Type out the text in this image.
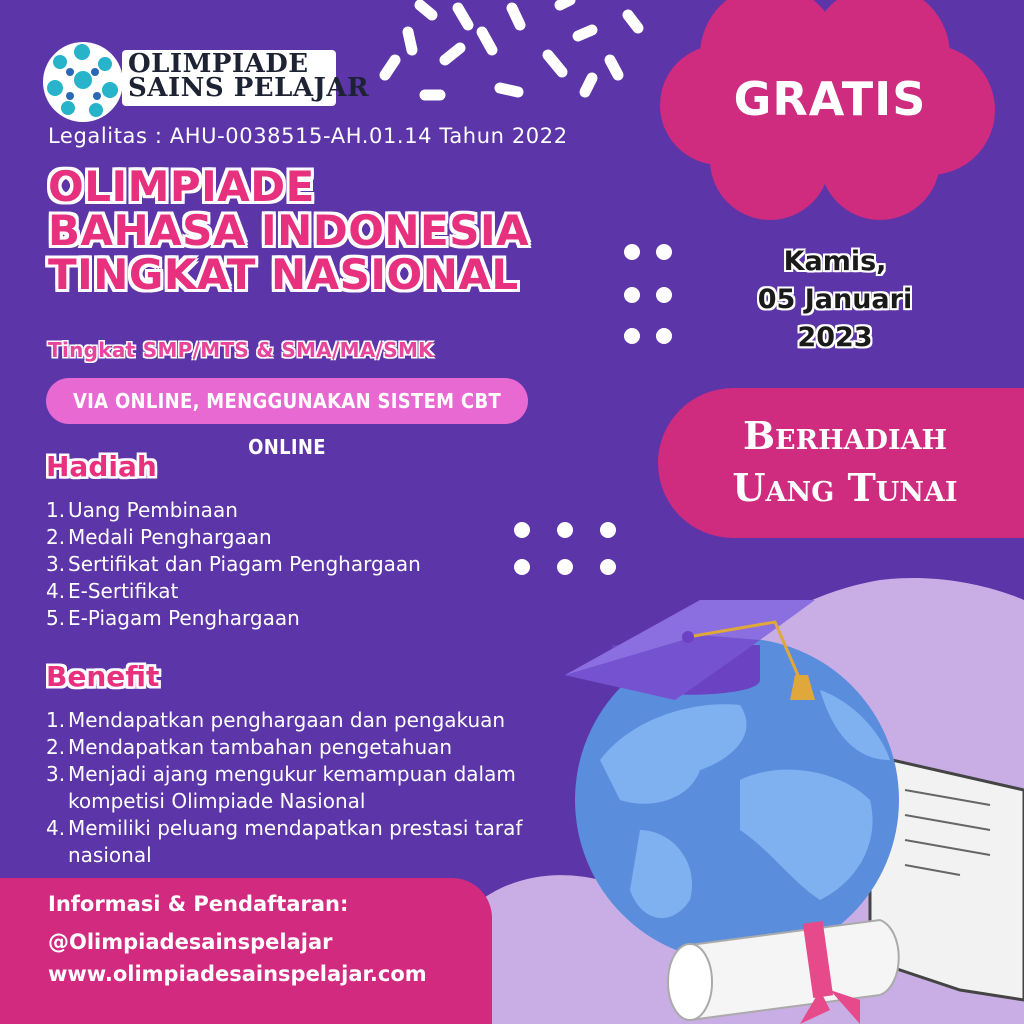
OLIMPIADE
SAINS PELAJAR
Legalitas : AHU-0038515-AH.01.14 Tahun 2022
OLIMPIADE
BAHASA INDONESIA
TINGKAT NASIONAL
Tingkat SMP/MTS & SMA/MA/SMK
VIA ONLINE, MENGGUNAKAN SISTEM CBT ONLINE
Hadiah
1. Uang Pembinaan
2. Medali Penghargaan
3. Sertifikat dan Piagam Penghargaan
4. E-Sertifikat
5. E-Piagam Penghargaan
Benefit
1. Mendapatkan penghargaan dan pengakuan
2. Mendapatkan tambahan pengetahuan
3. Menjadi ajang mengukur kemampuan dalam kompetisi Olimpiade Nasional
4. Memiliki peluang mendapatkan prestasi taraf nasional
Informasi & Pendaftaran:
@Olimpiadesainspelajar
www.olimpiadesainspelajar.com
GRATIS
Kamis,
05 Januari
2023
Berhadiah
Uang Tunai
